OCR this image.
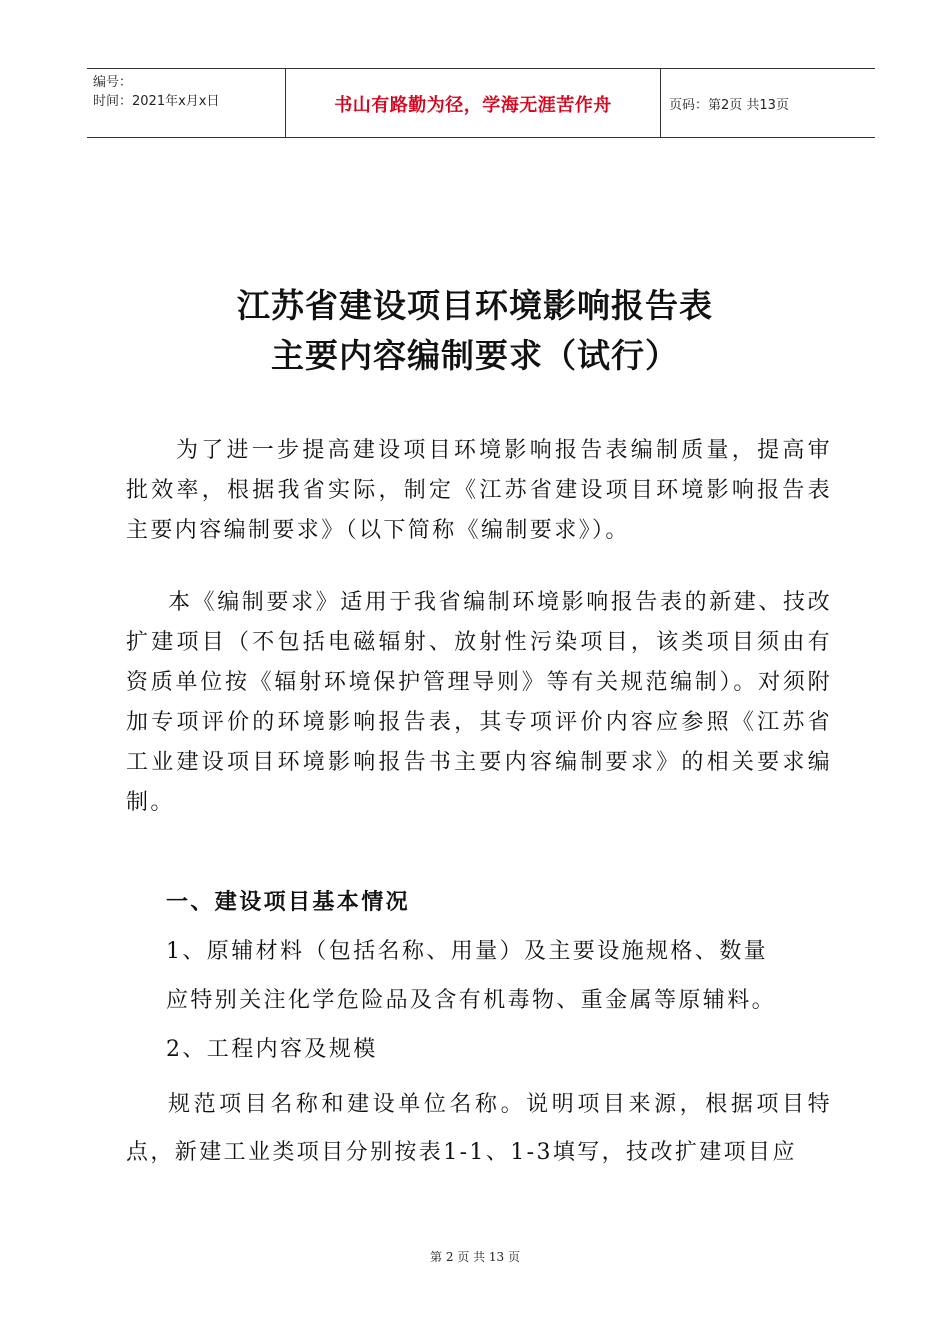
编号：
时间：2021年x月x日	书山有路勤为径，学海无涯苦作舟	页码：第2页 共13页
江苏省建设项目环境影响报告表
主要内容编制要求（试行）

为了进一步提高建设项目环境影响报告表编制质量，提高审批效率，根据我省实际，制定《江苏省建设项目环境影响报告表主要内容编制要求》（以下简称《编制要求》）。

本《编制要求》适用于我省编制环境影响报告表的新建、技改扩建项目（不包括电磁辐射、放射性污染项目，该类项目须由有资质单位按《辐射环境保护管理导则》等有关规范编制）。对须附加专项评价的环境影响报告表，其专项评价内容应参照《江苏省工业建设项目环境影响报告书主要内容编制要求》的相关要求编制。

一、建设项目基本情况
1、原辅材料（包括名称、用量）及主要设施规格、数量
应特别关注化学危险品及含有机毒物、重金属等原辅料。
2、工程内容及规模

规范项目名称和建设单位名称。说明项目来源，根据项目特点，新建工业类项目分别按表1-1、1-3填写，技改扩建项目应

第 2 页 共 13 页
